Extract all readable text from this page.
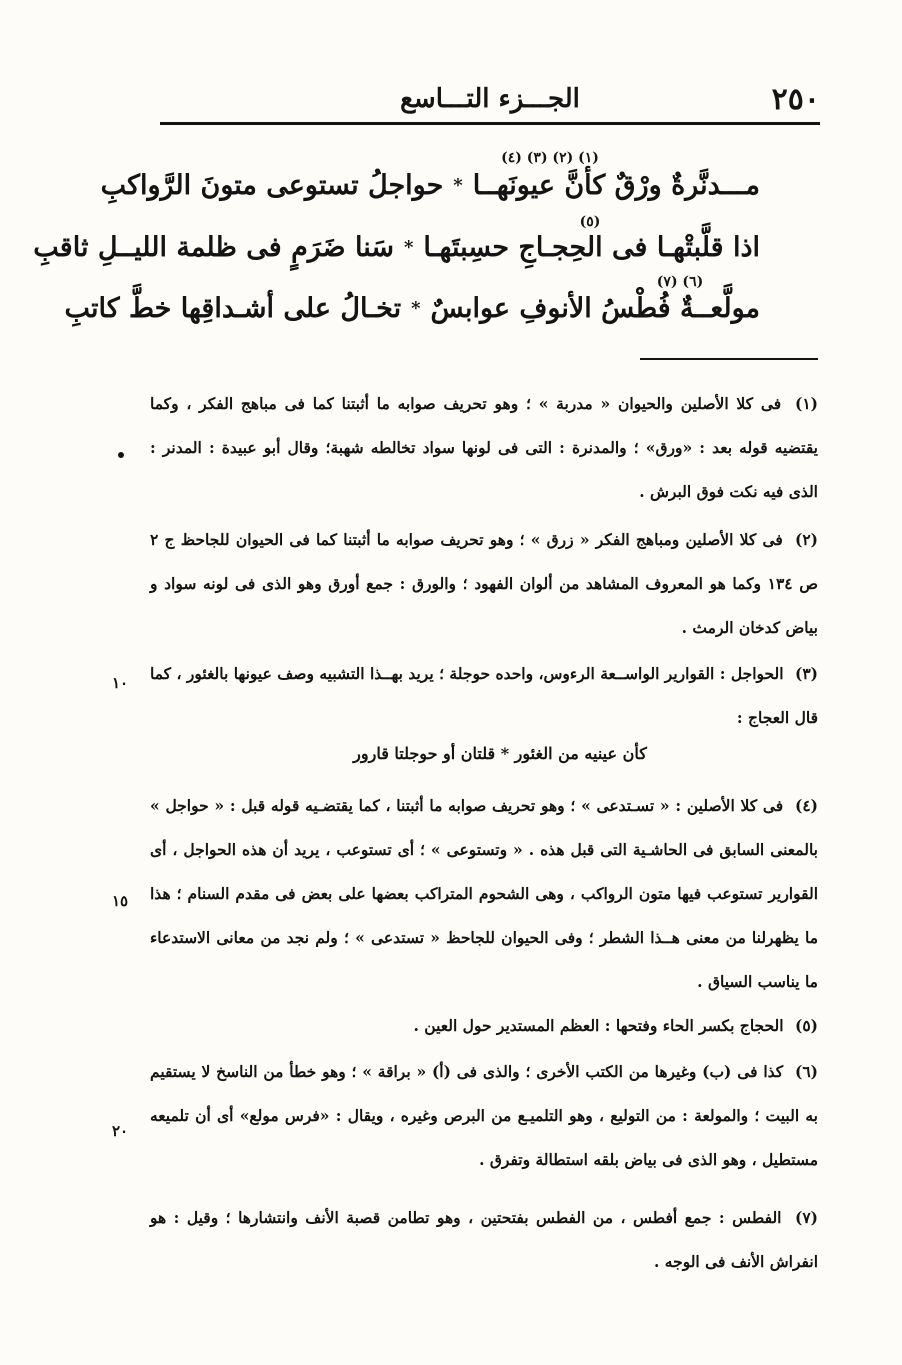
٢٥٠
الجـــزء التـــاسع
(١) (٢) (٣) (٤)
مـــدنَّرةٌ ورْقٌ كأنَّ عيونَهــا
*
حواجلُ تستوعى متونَ الرَّواكبِ
(٥)
اذا قلَّبتْهـا فى الحِجـاجِ حسِبتَهـا
*
سَنا ضَرَمٍ فى ظلمة الليــلِ ثاقبِ
(٦) (٧)
مولَّعــةٌ فُطْسُ الأنوفِ عوابسٌ
*
تخـالُ على أشـداقِها خطَّ كاتبِ
(١) فى كلا الأصلين والحيوان « مدربة » ؛ وهو تحريف صوابه ما أثبتنا كما فى مباهج الفكر ، وكما يقتضيه قوله بعد : «ورق» ؛ والمدنرة : التى فى لونها سواد تخالطه شهبة؛ وقال أبو عبيدة : المدنر : الذى فيه نكت فوق البرش .
(٢) فى كلا الأصلين ومباهج الفكر « زرق » ؛ وهو تحريف صوابه ما أثبتنا كما فى الحيوان للجاحظ ج ٢ ص ١٣٤ وكما هو المعروف المشاهد من ألوان الفهود ؛ والورق : جمع أورق وهو الذى فى لونه سواد و بياض كدخان الرمث .
(٣) الحواجل : القوارير الواســعة الرءوس، واحده حوجلة ؛ يريد بهــذا التشبيه وصف عيونها بالغئور ، كما قال العجاج :
كأن عينيه من الغئور * قلتان أو حوجلتا قارور
(٤) فى كلا الأصلين : « تسـتدعى » ؛ وهو تحريف صوابه ما أثبتنا ، كما يقتضـيه قوله قبل : « حواجل » بالمعنى السابق فى الحاشـية التى قبل هذه . « وتستوعى » ؛ أى تستوعب ، يريد أن هذه الحواجل ، أى القوارير تستوعب فيها متون الرواكب ، وهى الشحوم المتراكب بعضها على بعض فى مقدم السنام ؛ هذا ما يظهرلنا من معنى هــذا الشطر ؛ وفى الحيوان للجاحظ « تستدعى » ؛ ولم نجد من معانى الاستدعاء ما يناسب السياق .
(٥) الحجاج بكسر الحاء وفتحها : العظم المستدير حول العين .
(٦) كذا فى (ب) وغيرها من الكتب الأخرى ؛ والذى فى (أ) « براقة » ؛ وهو خطأ من الناسخ لا يستقيم به البيت ؛ والمولعة : من التوليع ، وهو التلميـع من البرص وغيره ، ويقال : «فرس مولع» أى أن تلميعه مستطيل ، وهو الذى فى بياض بلقه استطالة وتفرق .
(٧) الفطس : جمع أفطس ، من الفطس بفتحتين ، وهو تطامن قصبة الأنف وانتشارها ؛ وقيل : هو انفراش الأنف فى الوجه .
١٠
١٥
٢٠
